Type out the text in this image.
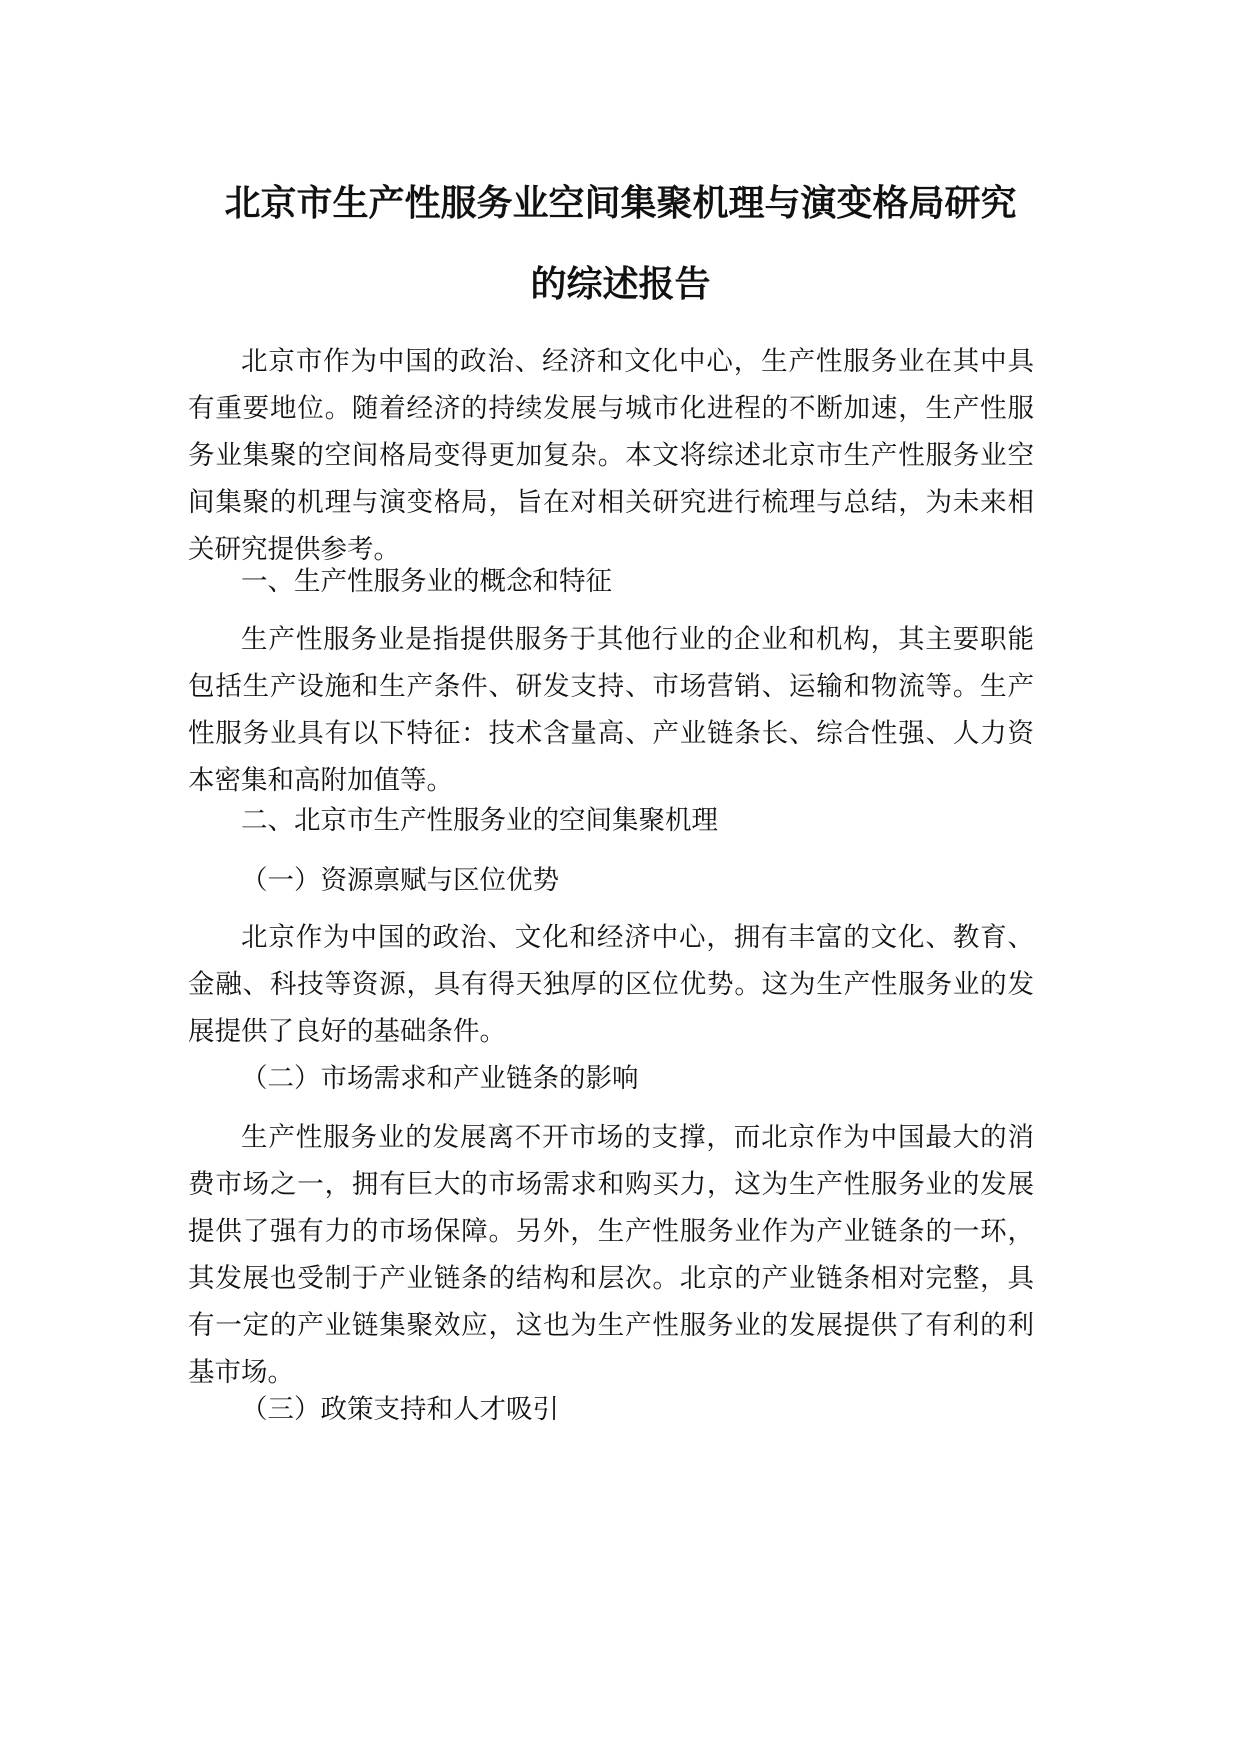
北京市生产性服务业空间集聚机理与演变格局研究
的综述报告

北京市作为中国的政治、经济和文化中心，生产性服务业在其中具有重要地位。随着经济的持续发展与城市化进程的不断加速，生产性服务业集聚的空间格局变得更加复杂。本文将综述北京市生产性服务业空间集聚的机理与演变格局，旨在对相关研究进行梳理与总结，为未来相关研究提供参考。

一、生产性服务业的概念和特征

生产性服务业是指提供服务于其他行业的企业和机构，其主要职能包括生产设施和生产条件、研发支持、市场营销、运输和物流等。生产性服务业具有以下特征：技术含量高、产业链条长、综合性强、人力资本密集和高附加值等。

二、北京市生产性服务业的空间集聚机理

（一）资源禀赋与区位优势

北京作为中国的政治、文化和经济中心，拥有丰富的文化、教育、金融、科技等资源，具有得天独厚的区位优势。这为生产性服务业的发展提供了良好的基础条件。

（二）市场需求和产业链条的影响

生产性服务业的发展离不开市场的支撑，而北京作为中国最大的消费市场之一，拥有巨大的市场需求和购买力，这为生产性服务业的发展提供了强有力的市场保障。另外，生产性服务业作为产业链条的一环，其发展也受制于产业链条的结构和层次。北京的产业链条相对完整，具有一定的产业链集聚效应，这也为生产性服务业的发展提供了有利的利基市场。

（三）政策支持和人才吸引
